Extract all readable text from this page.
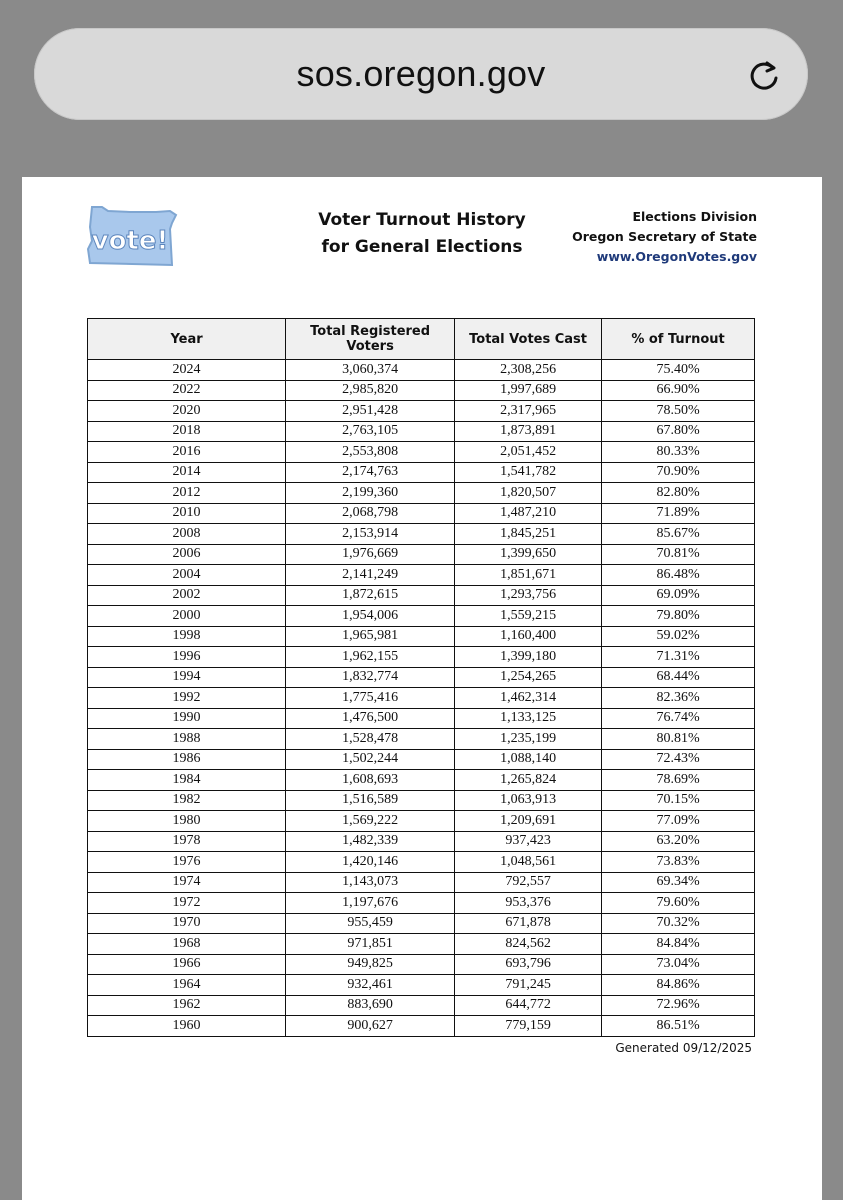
sos.oregon.gov
vote!
Voter Turnout History
for General Elections
Elections Division
Oregon Secretary of State
www.OregonVotes.gov
Year	Total Registered Voters	Total Votes Cast	% of Turnout
2024	3,060,374	2,308,256	75.40%
2022	2,985,820	1,997,689	66.90%
2020	2,951,428	2,317,965	78.50%
2018	2,763,105	1,873,891	67.80%
2016	2,553,808	2,051,452	80.33%
2014	2,174,763	1,541,782	70.90%
2012	2,199,360	1,820,507	82.80%
2010	2,068,798	1,487,210	71.89%
2008	2,153,914	1,845,251	85.67%
2006	1,976,669	1,399,650	70.81%
2004	2,141,249	1,851,671	86.48%
2002	1,872,615	1,293,756	69.09%
2000	1,954,006	1,559,215	79.80%
1998	1,965,981	1,160,400	59.02%
1996	1,962,155	1,399,180	71.31%
1994	1,832,774	1,254,265	68.44%
1992	1,775,416	1,462,314	82.36%
1990	1,476,500	1,133,125	76.74%
1988	1,528,478	1,235,199	80.81%
1986	1,502,244	1,088,140	72.43%
1984	1,608,693	1,265,824	78.69%
1982	1,516,589	1,063,913	70.15%
1980	1,569,222	1,209,691	77.09%
1978	1,482,339	937,423	63.20%
1976	1,420,146	1,048,561	73.83%
1974	1,143,073	792,557	69.34%
1972	1,197,676	953,376	79.60%
1970	955,459	671,878	70.32%
1968	971,851	824,562	84.84%
1966	949,825	693,796	73.04%
1964	932,461	791,245	84.86%
1962	883,690	644,772	72.96%
1960	900,627	779,159	86.51%
Generated 09/12/2025
